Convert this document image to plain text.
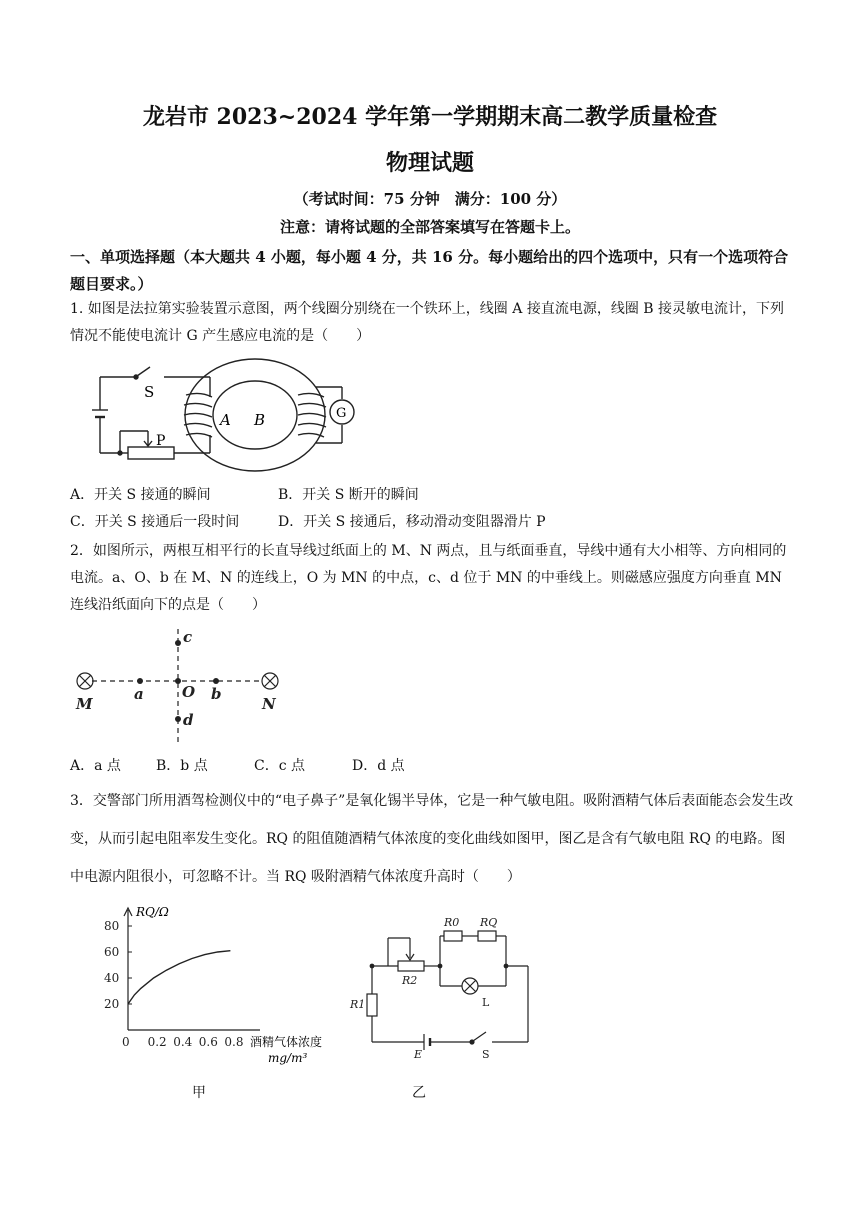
龙岩市 2023~2024 学年第一学期期末高二教学质量检查
物理试题
（考试时间：75 分钟　满分：100 分）
注意：请将试题的全部答案填写在答题卡上。
一、单项选择题（本大题共 4 小题，每小题 4 分，共 16 分。每小题给出的四个选项中，只有一个选项符合题目要求。）
1. 如图是法拉第实验装置示意图，两个线圈分别绕在一个铁环上，线圈 A 接直流电源，线圈 B 接灵敏电流计，下列情况不能使电流计 G 产生感应电流的是（　　）
S
P
A B	G
A．开关 S 接通的瞬间	B．开关 S 断开的瞬间
C．开关 S 接通后一段时间	D．开关 S 接通后，移动滑动变阻器滑片 P
2．如图所示，两根互相平行的长直导线过纸面上的 M、N 两点，且与纸面垂直，导线中通有大小相等、方向相同的电流。a、O、b 在 M、N 的连线上，O 为 MN 的中点，c、d 位于 MN 的中垂线上。则磁感应强度方向垂直 MN 连线沿纸面向下的点是（　　）
M	N
a	O b
c
d
A．a 点	B．b 点	C．c 点	D．d 点
3．交警部门所用酒驾检测仪中的“电子鼻子”是氧化锡半导体，它是一种气敏电阻。吸附酒精气体后表面能态会发生改变，从而引起电阻率发生变化。RQ 的阻值随酒精气体浓度的变化曲线如图甲，图乙是含有气敏电阻 RQ 的电路。图中电源内阻很小，可忽略不计。当 RQ 吸附酒精气体浓度升高时（　　）
RQ/Ω
酒精气体浓度
mg/m³
20
40
60
80
0 0.2 0.4 0.6 0.8
甲
R0 RQ
R2
R1	L
E	S
乙
